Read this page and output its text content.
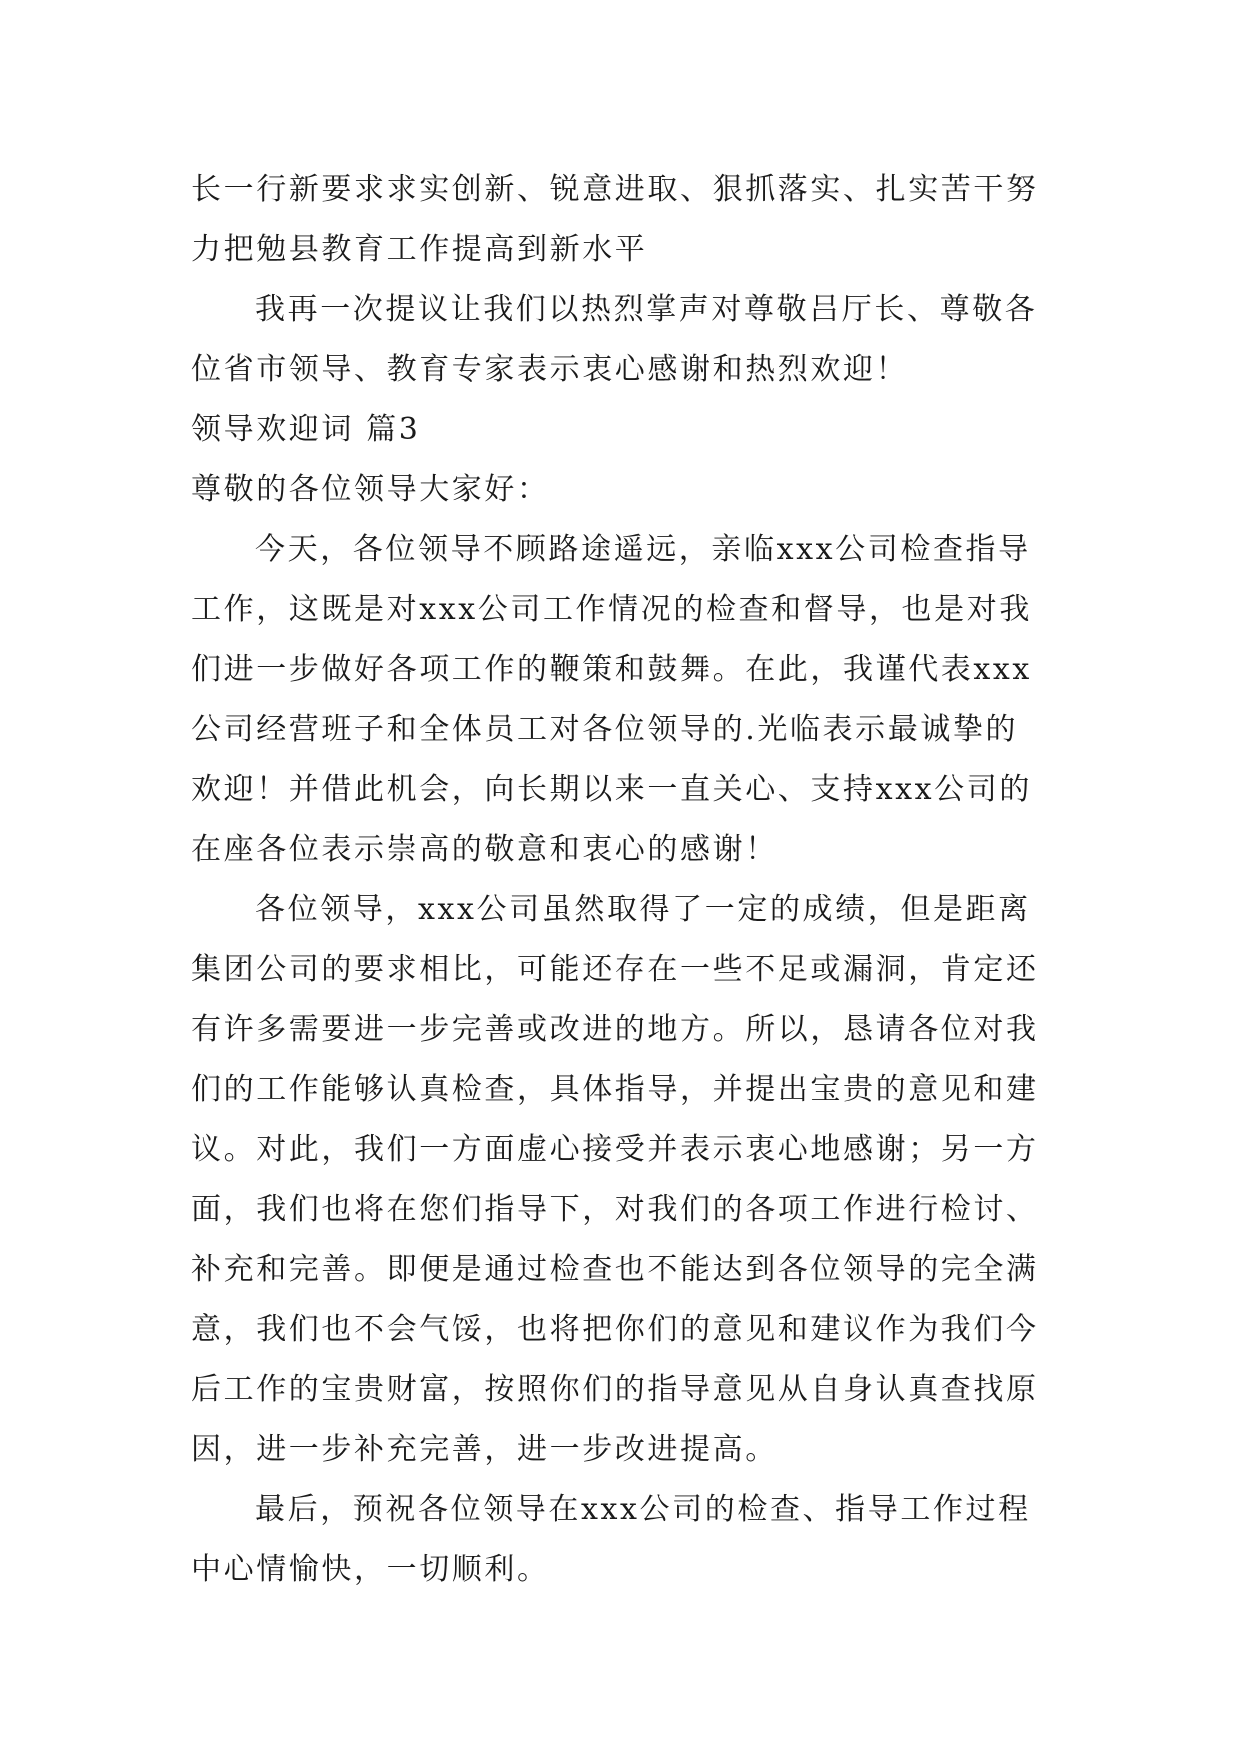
长一行新要求求实创新、锐意进取、狠抓落实、扎实苦干努
力把勉县教育工作提高到新水平
我再一次提议让我们以热烈掌声对尊敬吕厅长、尊敬各
位省市领导、教育专家表示衷心感谢和热烈欢迎！
领导欢迎词 篇3
尊敬的各位领导大家好：
今天，各位领导不顾路途遥远，亲临xxx公司检查指导
工作，这既是对xxx公司工作情况的检查和督导，也是对我
们进一步做好各项工作的鞭策和鼓舞。在此，我谨代表xxx
公司经营班子和全体员工对各位领导的.光临表示最诚挚的
欢迎！并借此机会，向长期以来一直关心、支持xxx公司的
在座各位表示崇高的敬意和衷心的感谢！
各位领导，xxx公司虽然取得了一定的成绩，但是距离
集团公司的要求相比，可能还存在一些不足或漏洞，肯定还
有许多需要进一步完善或改进的地方。所以，恳请各位对我
们的工作能够认真检查，具体指导，并提出宝贵的意见和建
议。对此，我们一方面虚心接受并表示衷心地感谢；另一方
面，我们也将在您们指导下，对我们的各项工作进行检讨、
补充和完善。即便是通过检查也不能达到各位领导的完全满
意，我们也不会气馁，也将把你们的意见和建议作为我们今
后工作的宝贵财富，按照你们的指导意见从自身认真查找原
因，进一步补充完善，进一步改进提高。
最后，预祝各位领导在xxx公司的检查、指导工作过程
中心情愉快，一切顺利。
